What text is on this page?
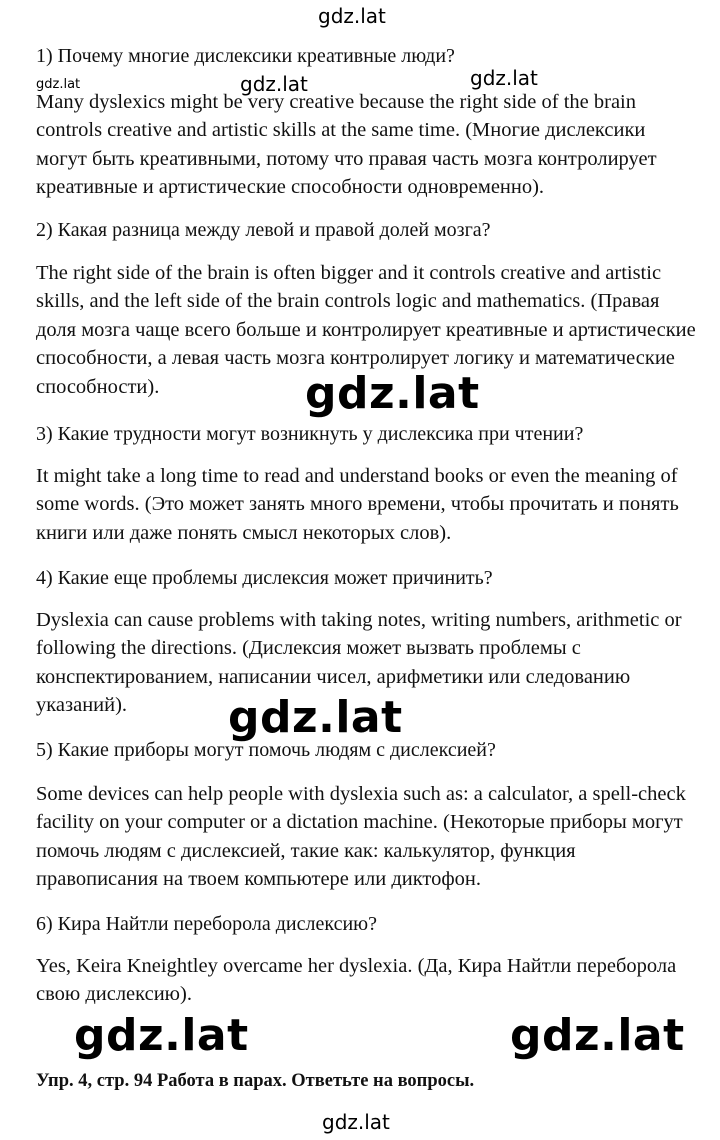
gdz.lat
gdz.lat	gdz.lat	gdz.lat
1) Почему многие дислексики креативные люди?
Many dyslexics might be very creative because the right side of the brain controls creative and artistic skills at the same time. (Многие дислексики могут быть креативными, потому что правая часть мозга контролирует креативные и артистические способности одновременно).
2) Какая разница между левой и правой долей мозга?
The right side of the brain is often bigger and it controls creative and artistic skills, and the left side of the brain controls logic and mathematics. (Правая доля мозга чаще всего больше и контролирует креативные и артистические способности, а левая часть мозга контролирует логику и математические способности).
3) Какие трудности могут возникнуть у дислексика при чтении?
It might take a long time to read and understand books or even the meaning of some words. (Это может занять много времени, чтобы прочитать и понять книги или даже понять смысл некоторых слов).
4) Какие еще проблемы дислексия может причинить?
Dyslexia can cause problems with taking notes, writing numbers, arithmetic or following the directions. (Дислексия может вызвать проблемы с конспектированием, написании чисел, арифметики или следованию указаний).
5) Какие приборы могут помочь людям с дислексией?
Some devices can help people with dyslexia such as: a calculator, a spell-check facility on your computer or a dictation machine. (Некоторые приборы могут помочь людям с дислексией, такие как: калькулятор, функция правописания на твоем компьютере или диктофон.
6) Кира Найтли переборола дислексию?
Yes, Keira Kneightley overcame her dyslexia. (Да, Кира Найтли переборола свою дислексию).
gdz.lat
gdz.lat
gdz.lat	gdz.lat
Упр. 4, стр. 94 Работа в парах. Ответьте на вопросы.
gdz.lat
